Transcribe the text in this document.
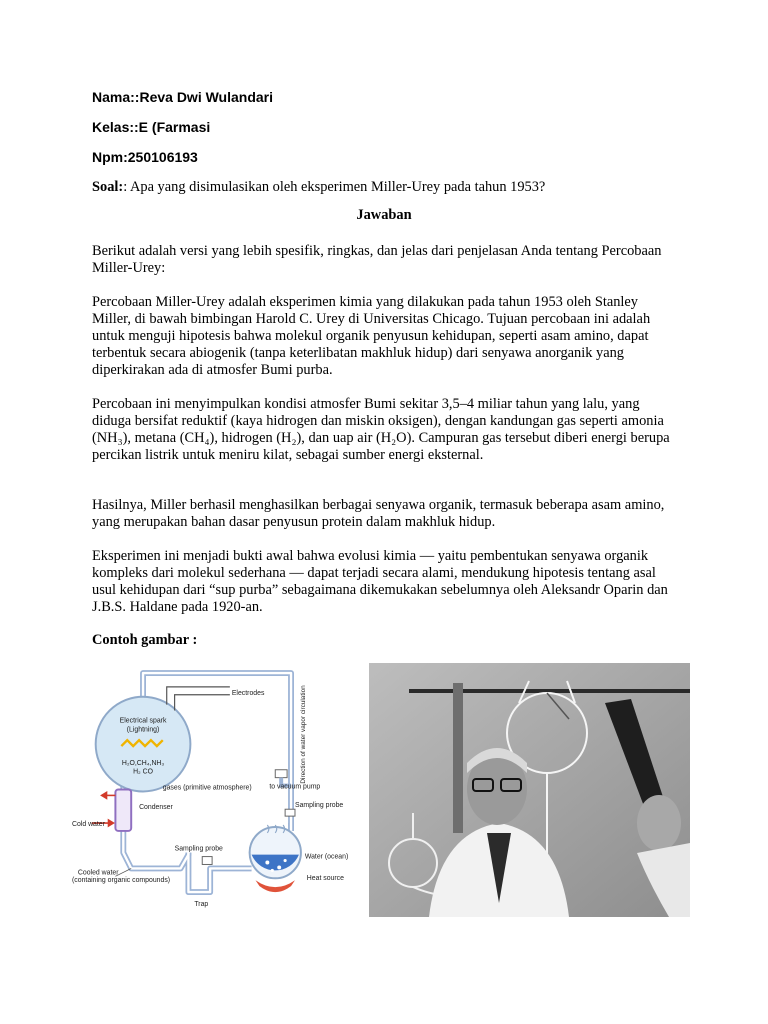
Nama::Reva Dwi Wulandari
Kelas::E (Farmasi
Npm:250106193
Soal:: Apa yang disimulasikan oleh eksperimen Miller-Urey pada tahun 1953?
Jawaban

Berikut adalah versi yang lebih spesifik, ringkas, dan jelas dari penjelasan Anda tentang Percobaan Miller-Urey:

Percobaan Miller-Urey adalah eksperimen kimia yang dilakukan pada tahun 1953 oleh Stanley Miller, di bawah bimbingan Harold C. Urey di Universitas Chicago. Tujuan percobaan ini adalah untuk menguji hipotesis bahwa molekul organik penyusun kehidupan, seperti asam amino, dapat terbentuk secara abiogenik (tanpa keterlibatan makhluk hidup) dari senyawa anorganik yang diperkirakan ada di atmosfer Bumi purba.

Percobaan ini menyimpulkan kondisi atmosfer Bumi sekitar 3,5–4 miliar tahun yang lalu, yang diduga bersifat reduktif (kaya hidrogen dan miskin oksigen), dengan kandungan gas seperti amonia (NH₃), metana (CH₄), hidrogen (H₂), dan uap air (H₂O). Campuran gas tersebut diberi energi berupa percikan listrik untuk meniru kilat, sebagai sumber energi eksternal.

Hasilnya, Miller berhasil menghasilkan berbagai senyawa organik, termasuk beberapa asam amino, yang merupakan bahan dasar penyusun protein dalam makhluk hidup.

Eksperimen ini menjadi bukti awal bahwa evolusi kimia — yaitu pembentukan senyawa organik kompleks dari molekul sederhana — dapat terjadi secara alami, mendukung hipotesis tentang asal usul kehidupan dari “sup purba” sebagaimana dikemukakan sebelumnya oleh Aleksandr Oparin dan J.B.S. Haldane pada 1920-an.

Contoh gambar :
Electrodes
Electrical spark
(Lightning)
H₂O,CH₄,NH₃
H₂ CO
gases (primitive atmosphere)	to vacuum pump
Direction of water vapor circulation
Condenser
Cold water
Sampling probe
Water (ocean)
Heat source
Sampling probe
Cooled water
(containing organic compounds)
Trap
